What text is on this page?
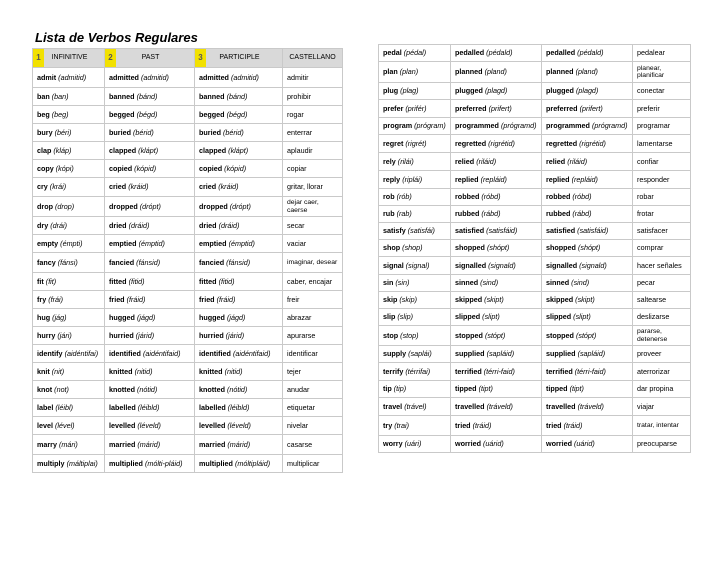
Lista de Verbos Regulares
1 INFINITIVE	2 PAST	3 PARTICIPLE	CASTELLANO
admit (admitid)	admitted (admitid)	admitted (admitid)	admitir
ban (ban)	banned (bánd)	banned (bánd)	prohibir
beg (beg)	begged (bégd)	begged (bégd)	rogar
bury (béri)	buried (bérid)	buried (bérid)	enterrar
clap (kláp)	clapped (klápt)	clapped (klápt)	aplaudir
copy (kópi)	copied (kópid)	copied (kópid)	copiar
cry (krái)	cried (kráid)	cried (kráid)	gritar, llorar
drop (drop)	dropped (drópt)	dropped (drópt)	dejar caer, caerse
dry (drái)	dried (dráid)	dried (dráid)	secar
empty (émpti)	emptied (émptid)	emptied (émptid)	vaciar
fancy (fánsi)	fancied (fánsid)	fancied (fánsid)	imaginar, desear
fit (fit)	fitted (fitid)	fitted (fitid)	caber, encajar
fry (frái)	fried (fráid)	fried (fráid)	freir
hug (jág)	hugged (jágd)	hugged (jágd)	abrazar
hurry (jári)	hurried (járid)	hurried (járid)	apurarse
identify (aidéntifai)	identified (aidéntifaid)	identified (aidéntifaid)	identificar
knit (nit)	knitted (nitid)	knitted (nitid)	tejer
knot (not)	knotted (nótid)	knotted (nótid)	anudar
label (léibl)	labelled (léibld)	labelled (léibld)	etiquetar
level (lével)	levelled (léveld)	levelled (léveld)	nivelar
marry (mári)	married (márid)	married (márid)	casarse
multiply (máltiplai)	multiplied (mólti-pláid)	multiplied (móltipláid)	multiplicar
pedal (pédal)	pedalled (pédald)	pedalled (pédald)	pedalear
plan (plan)	planned (pland)	planned (pland)	planear, planificar
plug (plag)	plugged (plagd)	plugged (plagd)	conectar
prefer (prifér)	preferred (prifert)	preferred (prifert)	preferir
program (prógram)	programmed (prógramd)	programmed (prógramd)	programar
regret (rigrét)	regretted (rigrétid)	regretted (rigrétid)	lamentarse
rely (rilái)	relied (riláid)	relied (riláid)	confiar
reply (riplái)	replied (repláid)	replied (repláid)	responder
rob (rób)	robbed (róbd)	robbed (róbd)	robar
rub (rab)	rubbed (rábd)	rubbed (rábd)	frotar
satisfy (satisfái)	satisfied (satisfáid)	satisfied (satisfáid)	satisfacer
shop (shop)	shopped (shópt)	shopped (shópt)	comprar
signal (signal)	signalled (signald)	signalled (signald)	hacer señales
sin (sin)	sinned (sind)	sinned (sind)	pecar
skip (skip)	skipped (skipt)	skipped (skipt)	saltearse
slip (slip)	slipped (slipt)	slipped (slipt)	deslizarse
stop (stop)	stopped (stópt)	stopped (stópt)	pararse, detenerse
supply (saplái)	supplied (sapláid)	supplied (sapláid)	proveer
terrify (térrifai)	terrified (térri-faid)	terrified (térri-faid)	aterrorizar
tip (tip)	tipped (tipt)	tipped (tipt)	dar propina
travel (trável)	travelled (tráveld)	travelled (tráveld)	viajar
try (trai)	tried (tráid)	tried (tráid)	tratar, intentar
worry (uári)	worried (uárid)	worried (uárid)	preocuparse
